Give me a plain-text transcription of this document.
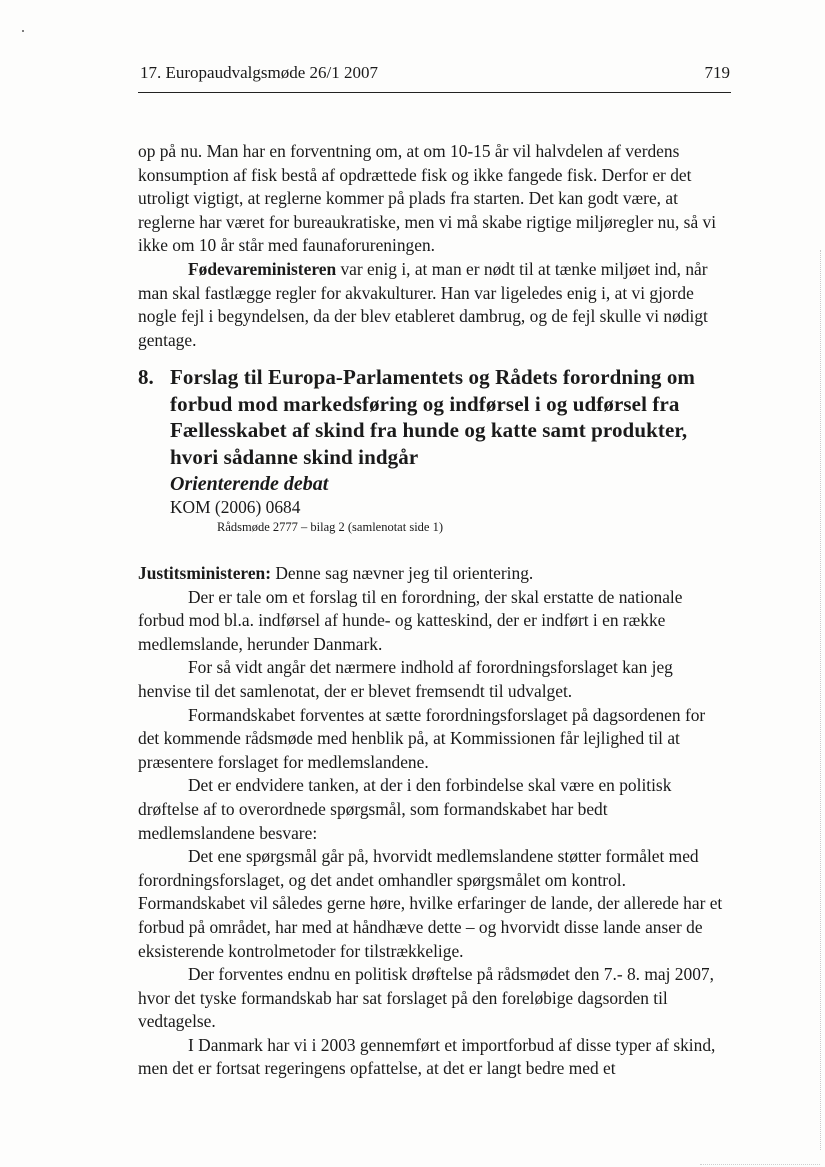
17. Europaudvalgsmøde 26/1 2007	719

op på nu. Man har en forventning om, at om 10-15 år vil halvdelen af verdens konsumption af fisk bestå af opdrættede fisk og ikke fangede fisk. Derfor er det utroligt vigtigt, at reglerne kommer på plads fra starten. Det kan godt være, at reglerne har været for bureaukratiske, men vi må skabe rigtige miljøregler nu, så vi ikke om 10 år står med faunaforureningen.

Fødevareministeren var enig i, at man er nødt til at tænke miljøet ind, når man skal fastlægge regler for akvakulturer. Han var ligeledes enig i, at vi gjorde nogle fejl i begyndelsen, da der blev etableret dambrug, og de fejl skulle vi nødigt gentage.

8. Forslag til Europa-Parlamentets og Rådets forordning om forbud mod markedsføring og indførsel i og udførsel fra Fællesskabet af skind fra hunde og katte samt produkter, hvori sådanne skind indgår

Orienterende debat

KOM (2006) 0684

Rådsmøde 2777 – bilag 2 (samlenotat side 1)

Justitsministeren: Denne sag nævner jeg til orientering.

Der er tale om et forslag til en forordning, der skal erstatte de nationale forbud mod bl.a. indførsel af hunde- og katteskind, der er indført i en række medlemslande, herunder Danmark.

For så vidt angår det nærmere indhold af forordningsforslaget kan jeg henvise til det samlenotat, der er blevet fremsendt til udvalget.

Formandskabet forventes at sætte forordningsforslaget på dagsordenen for det kommende rådsmøde med henblik på, at Kommissionen får lejlighed til at præsentere forslaget for medlemslandene.

Det er endvidere tanken, at der i den forbindelse skal være en politisk drøftelse af to overordnede spørgsmål, som formandskabet har bedt medlemslandene besvare:

Det ene spørgsmål går på, hvorvidt medlemslandene støtter formålet med forordningsforslaget, og det andet omhandler spørgsmålet om kontrol. Formandskabet vil således gerne høre, hvilke erfaringer de lande, der allerede har et forbud på området, har med at håndhæve dette – og hvorvidt disse lande anser de eksisterende kontrolmetoder for tilstrækkelige.

Der forventes endnu en politisk drøftelse på rådsmødet den 7.- 8. maj 2007, hvor det tyske formandskab har sat forslaget på den foreløbige dagsorden til vedtagelse.

I Danmark har vi i 2003 gennemført et importforbud af disse typer af skind, men det er fortsat regeringens opfattelse, at det er langt bedre med et
